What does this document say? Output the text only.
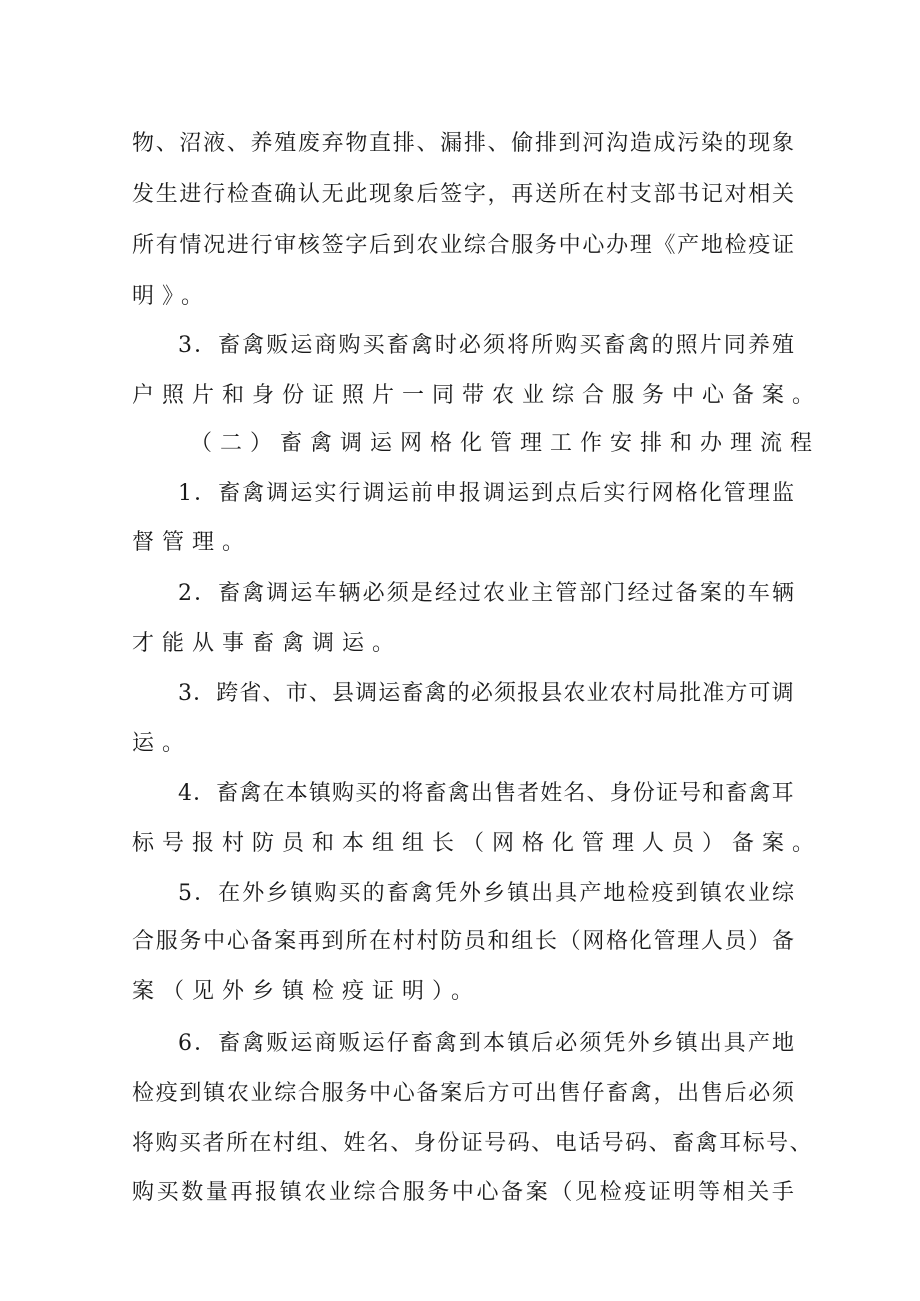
物 、 沼 液 、 养 殖 废 弃 物 直 排 、 漏 排 、 偷 排 到 河 沟 造 成 污 染 的 现 象
发 生 进 行 检 查 确 认 无 此 现 象 后 签 字 ， 再 送 所 在 村 支 部 书 记 对 相 关
所 有 情 况 进 行 审 核 签 字 后 到 农 业 综 合 服 务 中 心 办 理 《 产 地 检 疫 证
明》。
3 ． 畜 禽 贩 运 商 购 买 畜 禽 时 必 须 将 所 购 买 畜 禽 的 照 片 同 养 殖
户照片和身份证照片一同带农业综合服务中心备案。
（二）畜禽调运网格化管理工作安排和办理流程
1 ． 畜 禽 调 运 实 行 调 运 前 申 报 调 运 到 点 后 实 行 网 格 化 管 理 监
督管理。
2 ． 畜 禽 调 运 车 辆 必 须 是 经 过 农 业 主 管 部 门 经 过 备 案 的 车 辆
才能从事畜禽调运。
3 ． 跨 省 、 市 、 县 调 运 畜 禽 的 必 须 报 县 农 业 农 村 局 批 准 方 可 调
运。
4 ． 畜 禽 在 本 镇 购 买 的 将 畜 禽 出 售 者 姓 名 、 身 份 证 号 和 畜 禽 耳
标号报村防员和本组组长（网格化管理人员）备案。
5 ． 在 外 乡 镇 购 买 的 畜 禽 凭 外 乡 镇 出 具 产 地 检 疫 到 镇 农 业 综
合 服 务 中 心 备 案 再 到 所 在 村 村 防 员 和 组 长 （ 网 格 化 管 理 人 员 ） 备
案（见外乡镇检疫证明）。
6 ． 畜 禽 贩 运 商 贩 运 仔 畜 禽 到 本 镇 后 必 须 凭 外 乡 镇 出 具 产 地
检 疫 到 镇 农 业 综 合 服 务 中 心 备 案 后 方 可 出 售 仔 畜 禽 ， 出 售 后 必 须
将 购 买 者 所 在 村 组 、 姓 名 、 身 份 证 号 码 、 电 话 号 码 、 畜 禽 耳 标 号 、
购 买 数 量 再 报 镇 农 业 综 合 服 务 中 心 备 案 （ 见 检 疫 证 明 等 相 关 手
